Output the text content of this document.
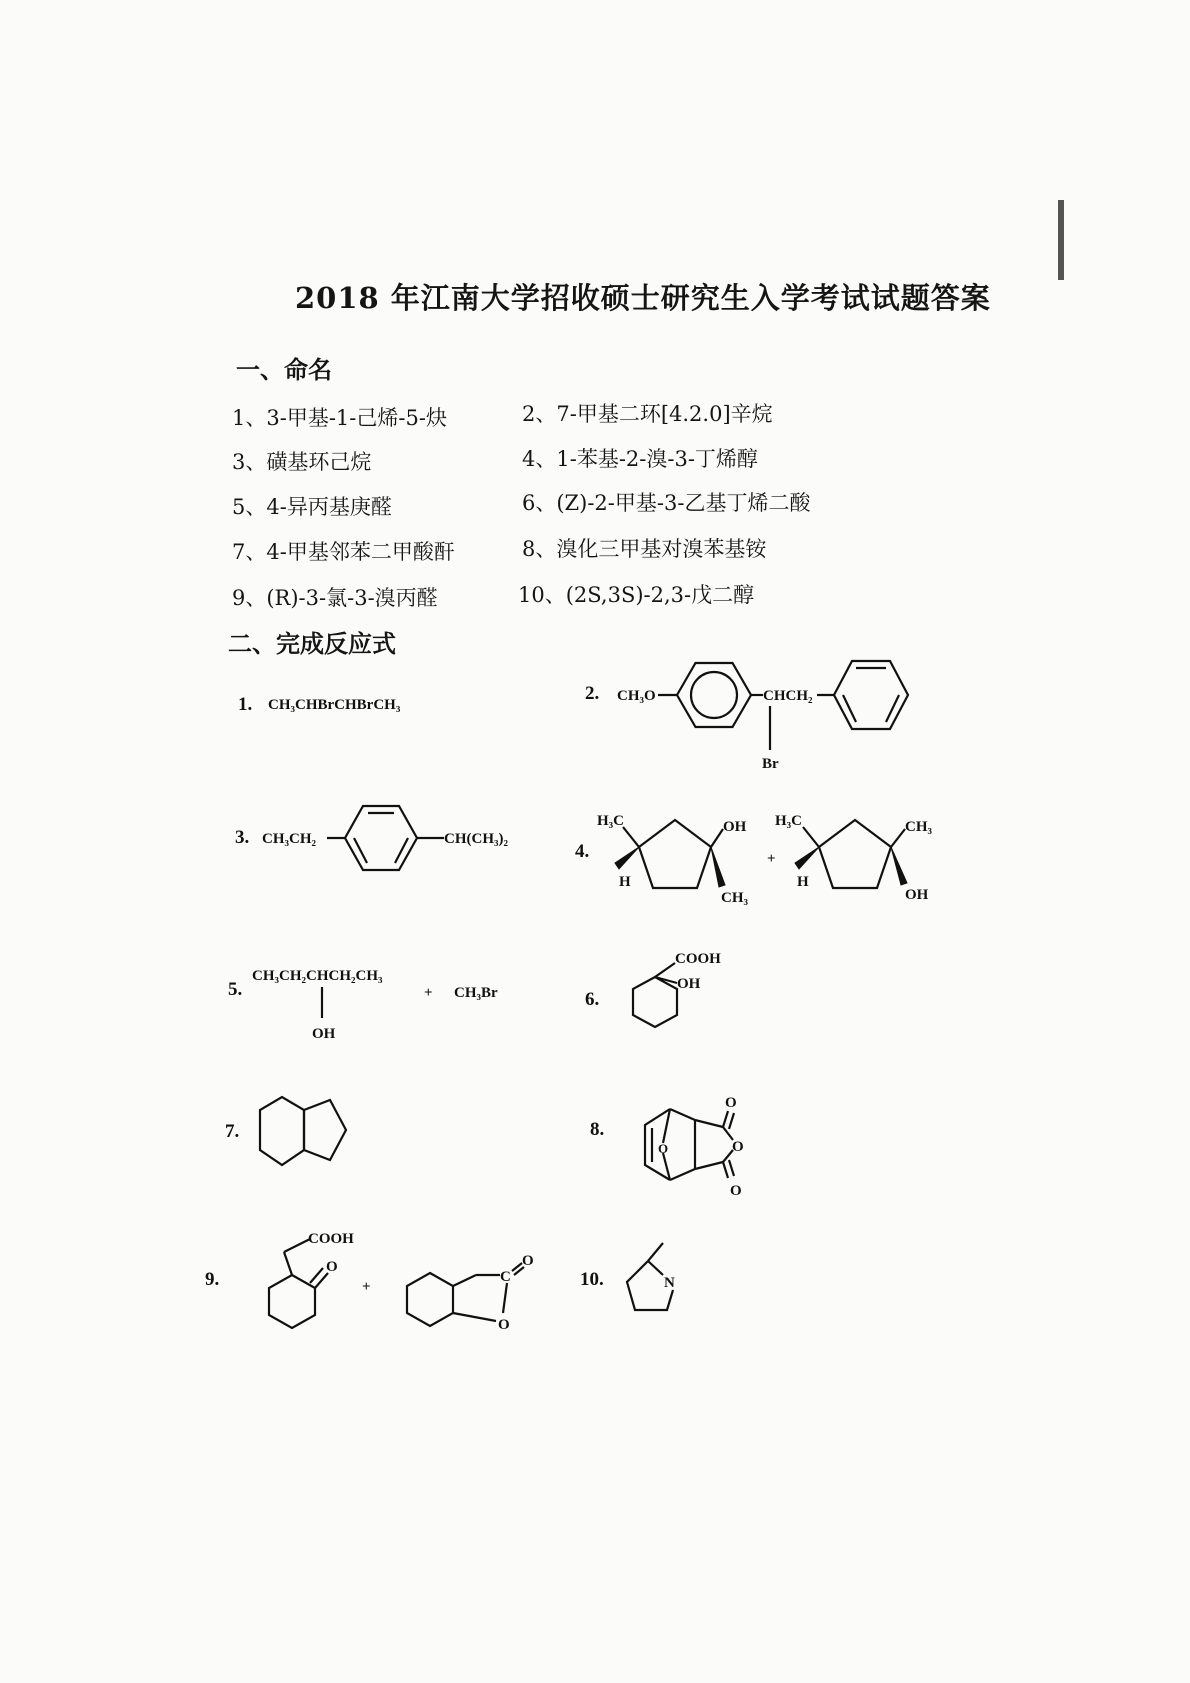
2018 年江南大学招收硕士研究生入学考试试题答案
一、命名
1、3-甲基-1-己烯-5-炔	2、7-甲基二环[4.2.0]辛烷
3、磺基环己烷	4、1-苯基-2-溴-3-丁烯醇
5、4-异丙基庚醛	6、(Z)-2-甲基-3-乙基丁烯二酸
7、4-甲基邻苯二甲酸酐	8、溴化三甲基对溴苯基铵
9、(R)-3-氯-3-溴丙醛	10、(2S,3S)-2,3-戊二醇
二、完成反应式
1. CH₃CHBrCHBrCH₃
2. CH₃O	CHCH₂
Br
3. CH₃CH₂	CH(CH₃)₂
4.
H₃C
H
OH
CH₃
+
H₃C
H
CH₃
OH
5.
CH₃CH₂CHCH₂CH₃
OH
+ CH₃Br	6.
COOH
OH
7.	8.
O
O
O
O
9.
O
COOH
+
C
O
O
10.	N
